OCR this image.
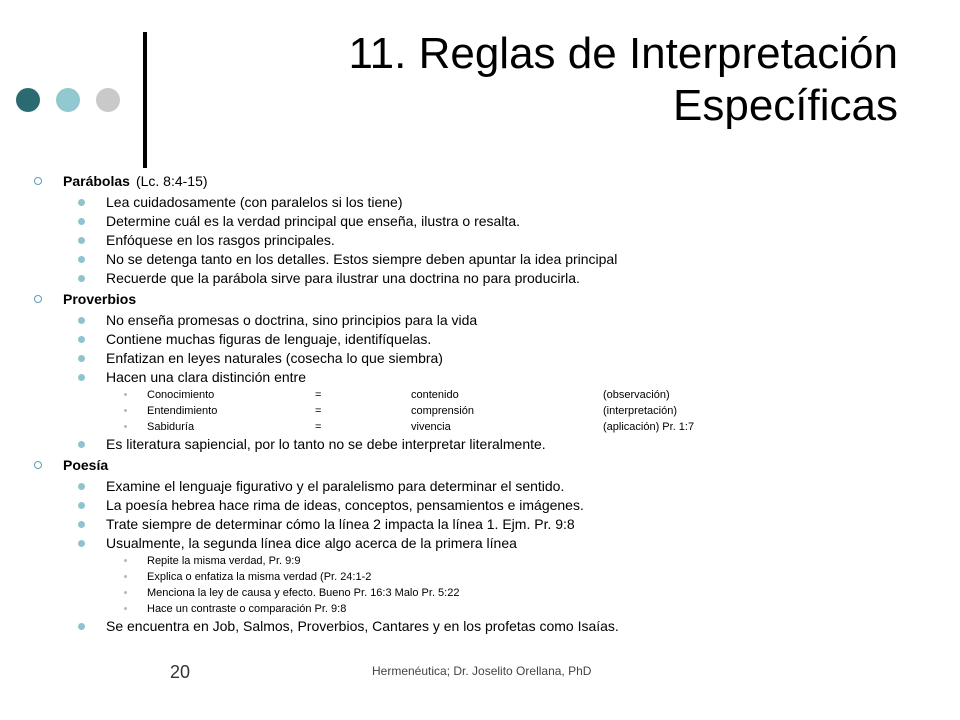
11. Reglas de Interpretación
Específicas
Parábolas (Lc. 8:4-15)
Lea cuidadosamente (con paralelos si los tiene)
Determine cuál es la verdad principal que enseña, ilustra o resalta.
Enfóquese en los rasgos principales.
No se detenga tanto en los detalles. Estos siempre deben apuntar la idea principal
Recuerde que la parábola sirve para ilustrar una doctrina no para producirla.
Proverbios
No enseña promesas o doctrina, sino principios para la vida
Contiene muchas figuras de lenguaje, identifíquelas.
Enfatizan en leyes naturales (cosecha lo que siembra)
Hacen una clara distinción entre
Conocimiento	=	contenido	(observación)
Entendimiento	=	comprensión	(interpretación)
Sabiduría	=	vivencia	(aplicación) Pr. 1:7
Es literatura sapiencial, por lo tanto no se debe interpretar literalmente.
Poesía
Examine el lenguaje figurativo y el paralelismo para determinar el sentido.
La poesía hebrea hace rima de ideas, conceptos, pensamientos e imágenes.
Trate siempre de determinar cómo la línea 2 impacta la línea 1. Ejm. Pr. 9:8
Usualmente, la segunda línea dice algo acerca de la primera línea
Repite la misma verdad, Pr. 9:9
Explica o enfatiza la misma verdad (Pr. 24:1-2
Menciona la ley de causa y efecto. Bueno Pr. 16:3 Malo Pr. 5:22
Hace un contraste o comparación Pr. 9:8
Se encuentra en Job, Salmos, Proverbios, Cantares y en los profetas como Isaías.
20	Hermenéutica; Dr. Joselito Orellana, PhD
